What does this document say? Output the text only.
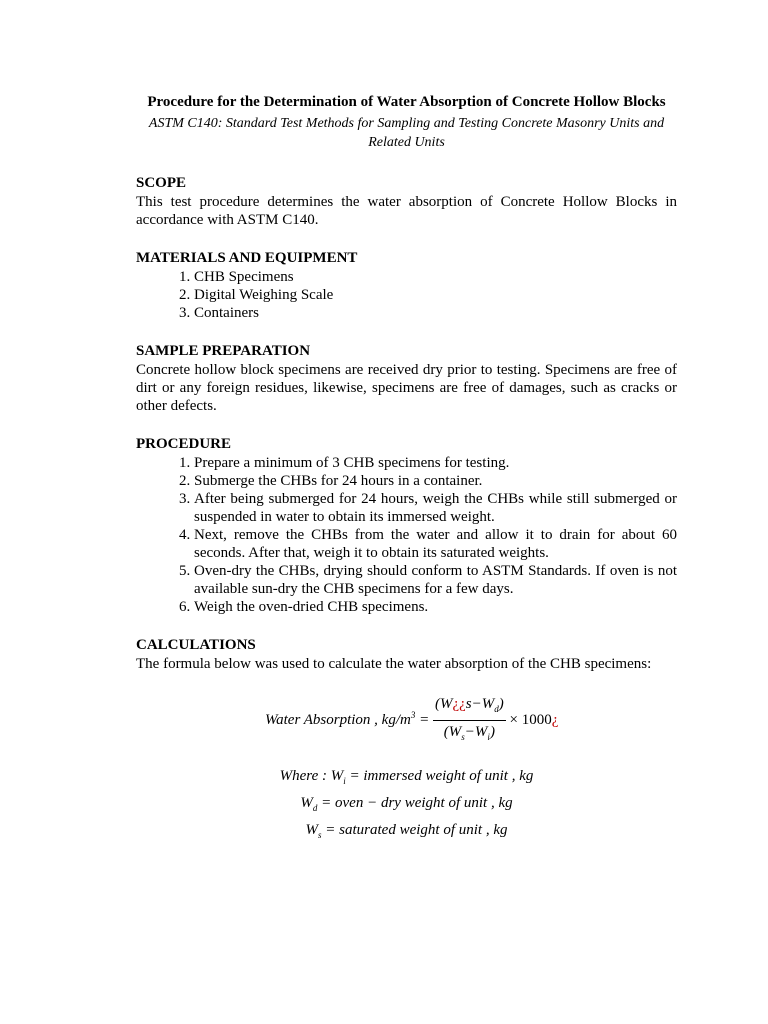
Procedure for the Determination of Water Absorption of Concrete Hollow Blocks
ASTM C140: Standard Test Methods for Sampling and Testing Concrete Masonry Units and Related Units
SCOPE

This test procedure determines the water absorption of Concrete Hollow Blocks in accordance with ASTM C140.

MATERIALS AND EQUIPMENT
1. CHB Specimens
2. Digital Weighing Scale
3. Containers
SAMPLE PREPARATION

Concrete hollow block specimens are received dry prior to testing. Specimens are free of dirt or any foreign residues, likewise, specimens are free of damages, such as cracks or other defects.

PROCEDURE
1. Prepare a minimum of 3 CHB specimens for testing.
2. Submerge the CHBs for 24 hours in a container.
3. After being submerged for 24 hours, weigh the CHBs while still submerged or suspended in water to obtain its immersed weight.
4. Next, remove the CHBs from the water and allow it to drain for about 60 seconds. After that, weigh it to obtain its saturated weights.
5. Oven-dry the CHBs, drying should conform to ASTM Standards. If oven is not available sun-dry the CHB specimens for a few days.
6. Weigh the oven-dried CHB specimens.
CALCULATIONS

The formula below was used to calculate the water absorption of the CHB specimens:

Water Absorption , $kg/m^3 = \frac{(W¿¿s-W_d)}{(W_s-W_i)}$ × 1000¿
Where : $W_i$ = immersed weight of unit , kg
$W_d$ = oven − dry weight of unit , kg
$W_s$ = saturated weight of unit , kg
